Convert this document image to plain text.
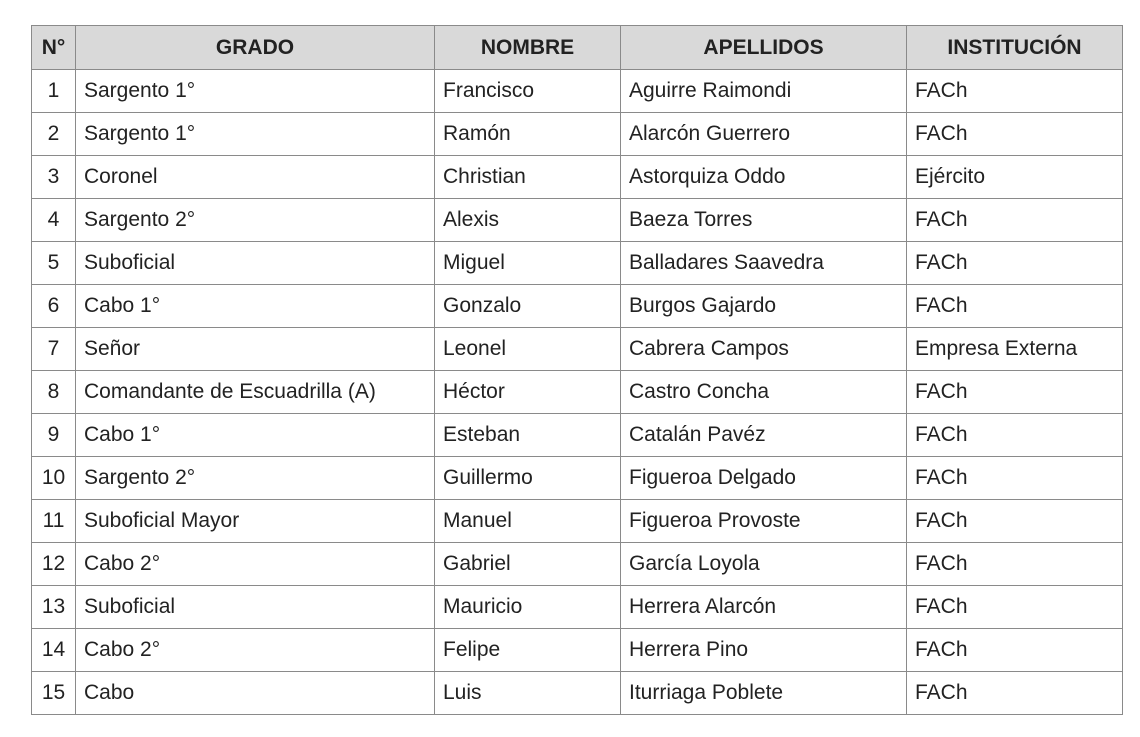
N°	GRADO	NOMBRE	APELLIDOS	INSTITUCIÓN
1	Sargento 1°	Francisco	Aguirre Raimondi	FACh
2	Sargento 1°	Ramón	Alarcón Guerrero	FACh
3	Coronel	Christian	Astorquiza Oddo	Ejército
4	Sargento 2°	Alexis	Baeza Torres	FACh
5	Suboficial	Miguel	Balladares Saavedra	FACh
6	Cabo 1°	Gonzalo	Burgos Gajardo	FACh
7	Señor	Leonel	Cabrera Campos	Empresa Externa
8	Comandante de Escuadrilla (A)	Héctor	Castro Concha	FACh
9	Cabo 1°	Esteban	Catalán Pavéz	FACh
10	Sargento 2°	Guillermo	Figueroa Delgado	FACh
11	Suboficial Mayor	Manuel	Figueroa Provoste	FACh
12	Cabo 2°	Gabriel	García Loyola	FACh
13	Suboficial	Mauricio	Herrera Alarcón	FACh
14	Cabo 2°	Felipe	Herrera Pino	FACh
15	Cabo	Luis	Iturriaga Poblete	FACh
